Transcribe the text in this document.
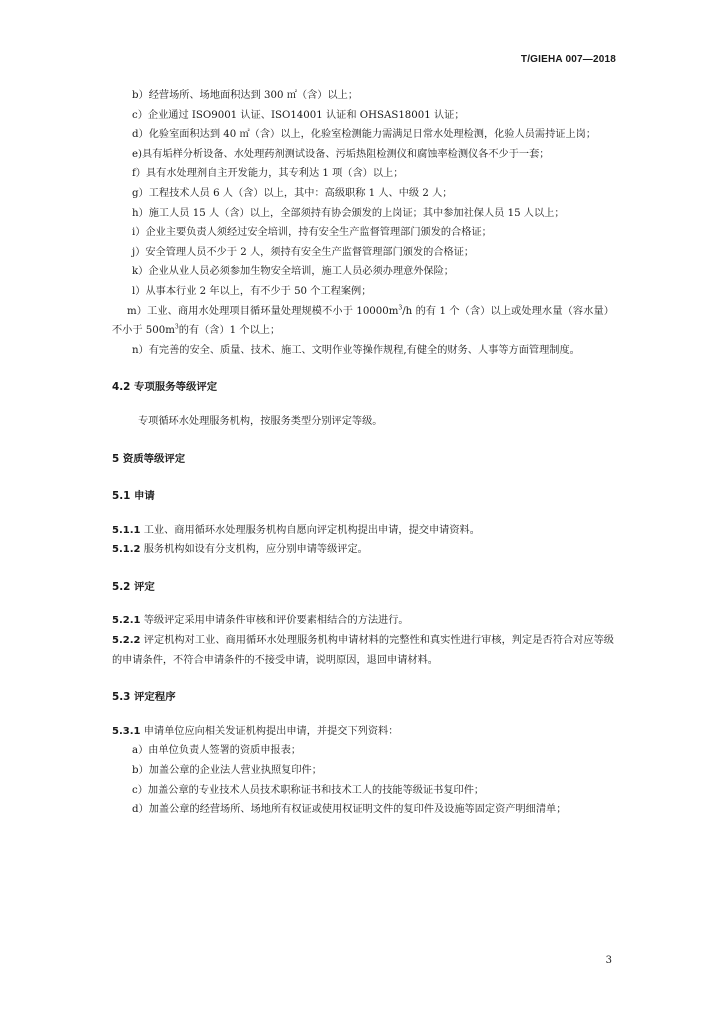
T/GIEHA 007—2018

b）经营场所、场地面积达到 300 ㎡（含）以上；

c）企业通过 ISO9001 认证、ISO14001 认证和 OHSAS18001 认证；

d）化验室面积达到 40 ㎡（含）以上，化验室检测能力需满足日常水处理检测，化验人员需持证上岗；

e)具有垢样分析设备、水处理药剂测试设备、污垢热阻检测仪和腐蚀率检测仪各不少于一套；

f）具有水处理剂自主开发能力，其专利达 1 项（含）以上；

g）工程技术人员 6 人（含）以上，其中：高级职称 1 人、中级 2 人；

h）施工人员 15 人（含）以上，全部须持有协会颁发的上岗证；其中参加社保人员 15 人以上；

i）企业主要负责人须经过安全培训，持有安全生产监督管理部门颁发的合格证；

j）安全管理人员不少于 2 人，须持有安全生产监督管理部门颁发的合格证；

k）企业从业人员必须参加生物安全培训，施工人员必须办理意外保险；

l）从事本行业 2 年以上，有不少于 50 个工程案例；

m）工业、商用水处理项目循环量处理规模不小于 $10000m^3/h$ 的有 1 个（含）以上或处理水量（容水量）不小于 $500m^3$的有（含）1 个以上；

n）有完善的安全、质量、技术、施工、文明作业等操作规程,有健全的财务、人事等方面管理制度。

4.2 专项服务等级评定

专项循环水处理服务机构，按服务类型分别评定等级。

5 资质等级评定

5.1 申请

5.1.1 工业、商用循环水处理服务机构自愿向评定机构提出申请，提交申请资料。

5.1.2 服务机构如设有分支机构，应分别申请等级评定。

5.2 评定

5.2.1 等级评定采用申请条件审核和评价要素相结合的方法进行。

5.2.2 评定机构对工业、商用循环水处理服务机构申请材料的完整性和真实性进行审核，判定是否符合对应等级的申请条件，不符合申请条件的不接受申请，说明原因，退回申请材料。

5.3 评定程序

5.3.1 申请单位应向相关发证机构提出申请，并提交下列资料：

a）由单位负责人签署的资质申报表；

b）加盖公章的企业法人营业执照复印件；

c）加盖公章的专业技术人员技术职称证书和技术工人的技能等级证书复印件；

d）加盖公章的经营场所、场地所有权证或使用权证明文件的复印件及设施等固定资产明细清单；

3
